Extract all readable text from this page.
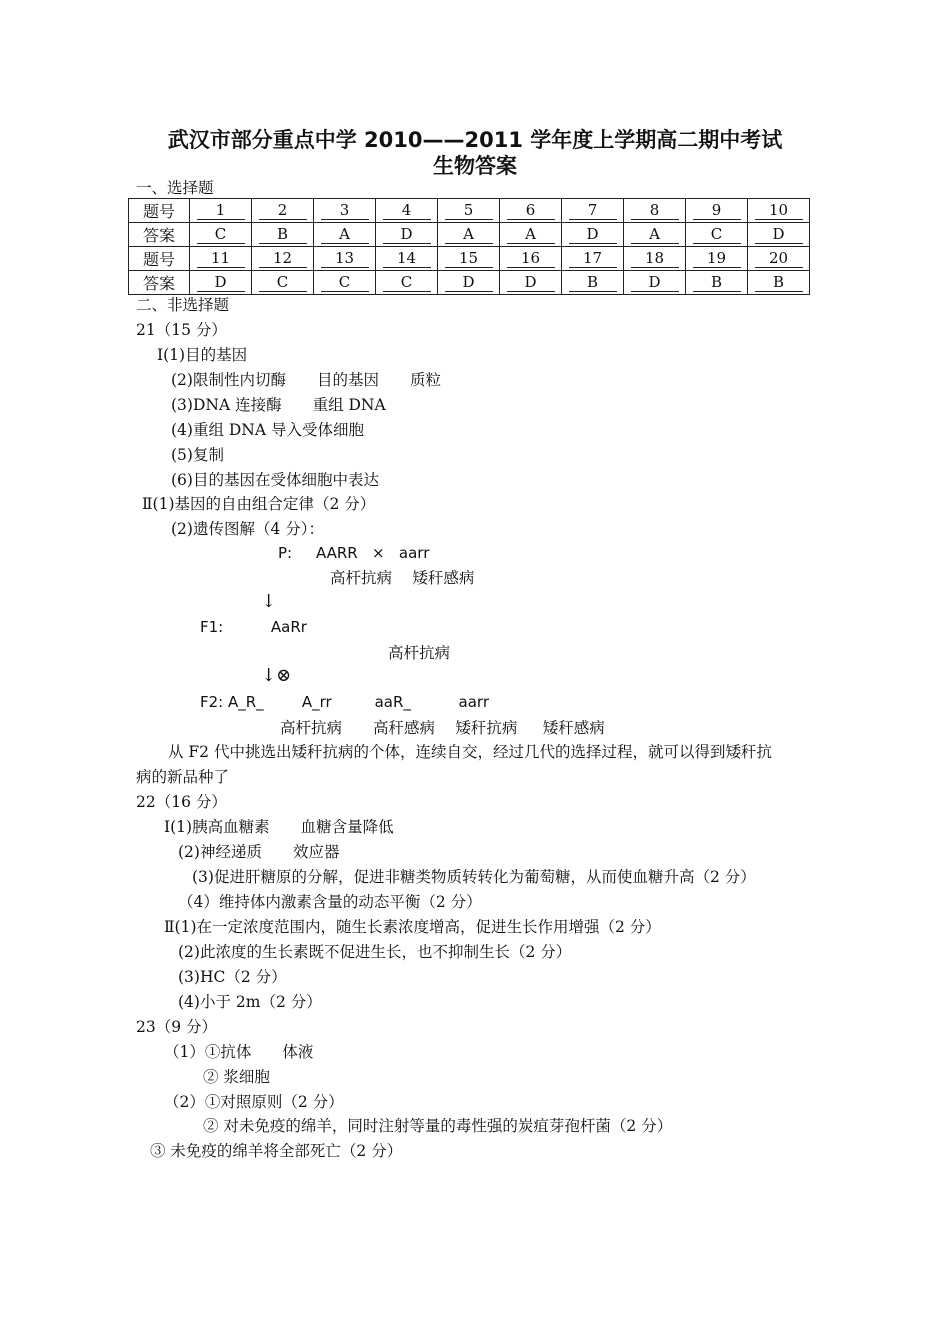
武汉市部分重点中学 2010——2011 学年度上学期高二期中考试
生物答案
一、选择题
题号	1	2	3	4	5	6	7	8	9	10
答案	C	B	A	D	A	A	D	A	C	D
题号	11	12	13	14	15	16	17	18	19	20
答案	D	C	C	C	D	D	B	D	B	B
二、非选择题
21（15 分）
Ⅰ(1)目的基因
(2)限制性内切酶　　目的基因　　质粒
(3)DNA 连接酶　　重组 DNA
(4)重组 DNA 导入受体细胞
(5)复制
(6)目的基因在受体细胞中表达
Ⅱ(1)基因的自由组合定律（2 分）
(2)遗传图解（4 分）：
P:     AARR   ×   aarr
高杆抗病　 矮秆感病
↓
F1:          AaRr
高杆抗病
↓⊗
F2: A_R_        A_rr         aaR_          aarr
高杆抗病　　高秆感病　 矮秆抗病　  矮秆感病
从 F2 代中挑选出矮秆抗病的个体，连续自交，经过几代的选择过程，就可以得到矮秆抗
病的新品种了
22（16 分）
Ⅰ(1)胰高血糖素　　血糖含量降低
(2)神经递质　　效应器
(3)促进肝糖原的分解，促进非糖类物质转转化为葡萄糖，从而使血糖升高（2 分）
（4）维持体内激素含量的动态平衡（2 分）
Ⅱ(1)在一定浓度范围内，随生长素浓度增高，促进生长作用增强（2 分）
(2)此浓度的生长素既不促进生长，也不抑制生长（2 分）
(3)HC（2 分）
(4)小于 2m（2 分）
23（9 分）
（1）①抗体　　体液
② 浆细胞
（2）①对照原则（2 分）
② 对未免疫的绵羊，同时注射等量的毒性强的炭疽芽孢杆菌（2 分）
③ 未免疫的绵羊将全部死亡（2 分）
